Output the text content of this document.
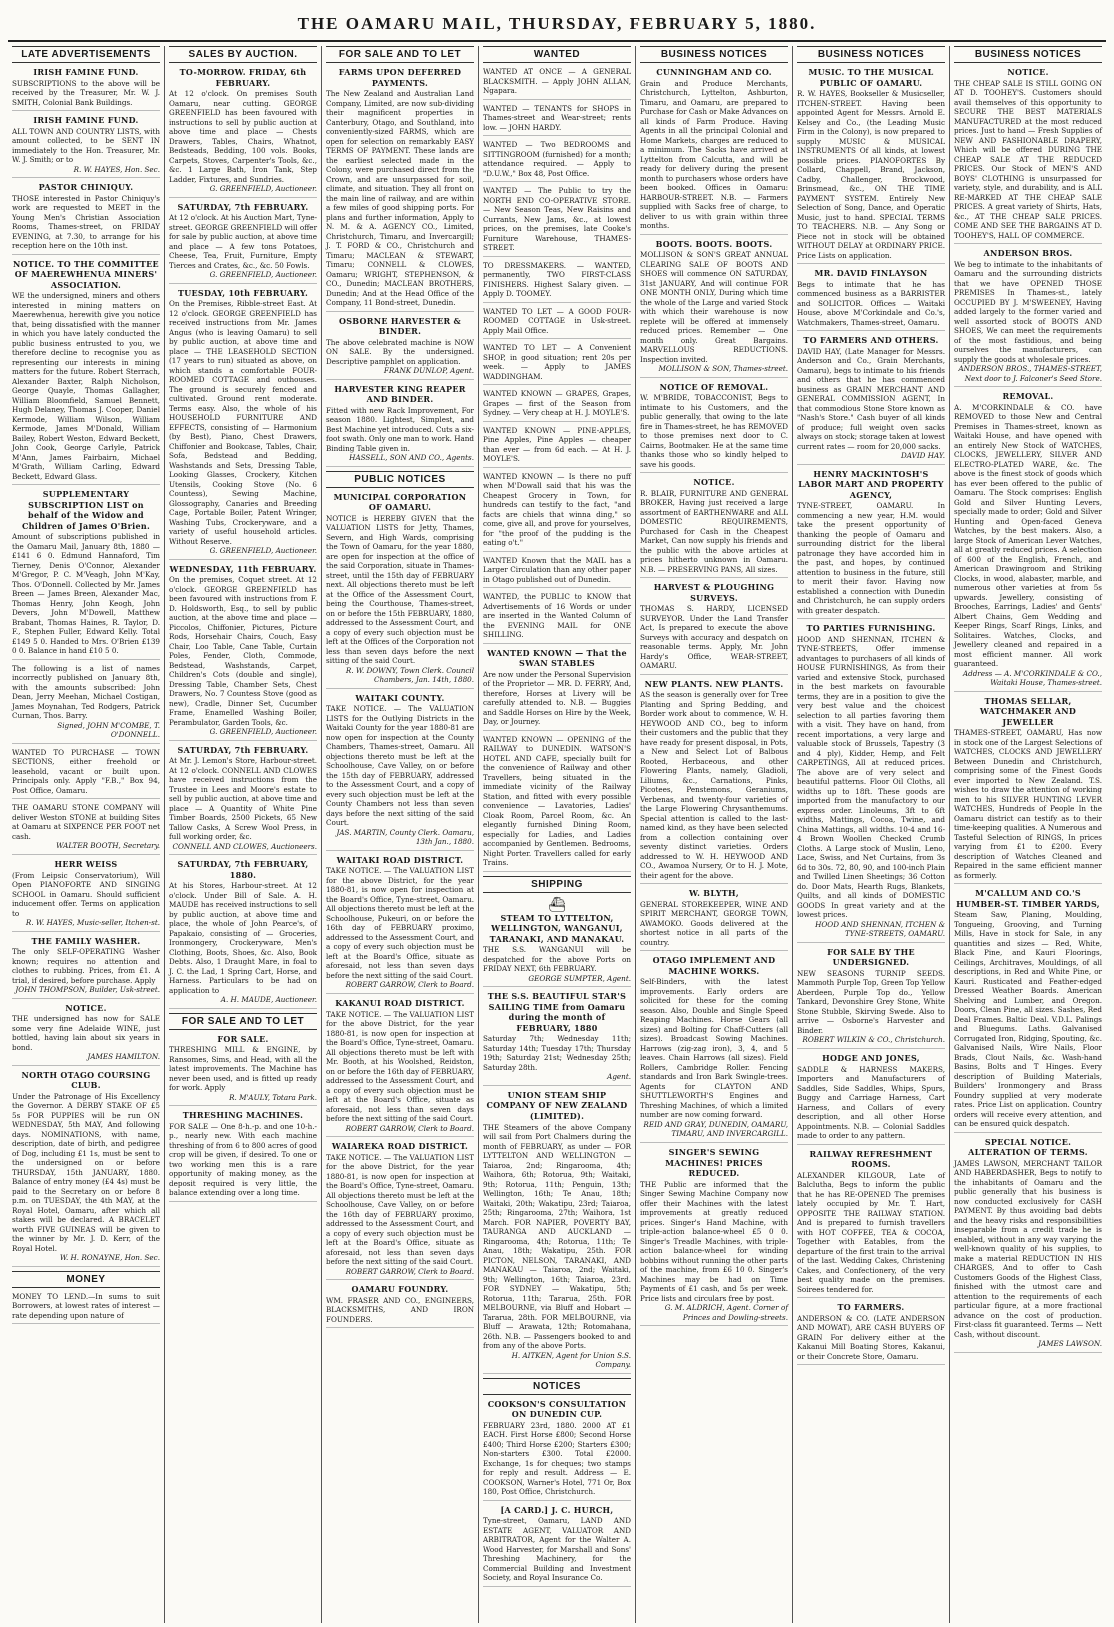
THE OAMARU MAIL, THURSDAY, FEBRUARY 5, 1880.
LATE ADVERTISEMENTS
IRISH FAMINE FUND.
SUBSCRIPTIONS to the above will be received by the Treasurer, Mr. W. J. SMITH, Colonial Bank Buildings.
IRISH FAMINE FUND.
ALL TOWN AND COUNTRY LISTS, with amount collected, to be SENT IN immediately to the Hon. Treasurer, Mr. W. J. Smith; or to
R. W. HAYES, Hon. Sec.
PASTOR CHINIQUY.
THOSE interested in Pastor Chiniquy's work are requested to MEET in the Young Men's Christian Association Rooms, Thames-street, on FRIDAY EVENING, at 7.30, to arrange for his reception here on the 10th inst.
NOTICE. TO THE COMMITTEE OF MAEREWHENUA MINERS' ASSOCIATION.
WE the undersigned, miners and others interested in mining matters on Maerewhenua, herewith give you notice that, being dissatisfied with the manner in which you have lately conducted the public business entrusted to you, we therefore decline to recognise you as representing our interests in mining matters for the future. Robert Sterrach, Alexander Baxter, Ralph Nicholson, George Quayle, Thomas Gallagher, William Bloomfield, Samuel Bennett, Hugh Delaney, Thomas J. Cooper, Daniel Kermode, William Wilson, William Kermode, James M'Donald, William Bailey, Robert Weston, Edward Beckett, John Cook, George Carlyle, Patrick M'Ann, James Fairbairn, Michael M'Grath, William Carling, Edward Beckett, Edward Glass.
SUPPLEMENTARY SUBSCRIPTION LIST on behalf of the Widow and Children of James O'Brien.
Amount of subscriptions published in the Oamaru Mail, January 8th, 1880 — £141 6 0. Edmund Hannaford, Tim Tierney, Denis O'Connor, Alexander M'Gregor, P. C. M'Veagh, John M'Kay, Thos. O'Donnell. Collected by Mr. James Breen — James Breen, Alexander Mac, Thomas Henry, John Keogh, John Devers, John M'Dowell, Matthew Brabant, Thomas Haines, R. Taylor, D. F., Stephen Fuller, Edward Kelly. Total £149 5 0. Handed to Mrs. O'Brien £139 0 0. Balance in hand £10 5 0.
The following is a list of names incorrectly published on January 8th, with the amounts subscribed: John Dean, Jerry Meehan, Michael Costigan, James Moynahan, Ted Rodgers, Patrick Curnan, Thos. Barry.
Signed, JOHN M'COMBE, T. O'DONNELL.
WANTED TO PURCHASE — TOWN SECTIONS, either freehold or leasehold, vacant or built upon. Principals only. Apply "F.B.," Box 94, Post Office, Oamaru.
THE OAMARU STONE COMPANY will deliver Weston STONE at building Sites at Oamaru at SIXPENCE PER FOOT net cash.
WALTER BOOTH, Secretary.
HERR WEISS
(From Leipsic Conservatorium), Will Open PIANOFORTE AND SINGING SCHOOL in Oamaru. Should sufficient inducement offer. Terms on application to
R. W. HAYES, Music-seller, Itchen-st.
THE FAMILY WASHER.
The only SELF-OPERATING Washer known; requires no attention and clothes to rubbing. Prices, from £1. A trial, if desired, before purchase. Apply
JOHN THOMPSON, Builder, Usk-street.
NOTICE.
THE undersigned has now for SALE some very fine Adelaide WINE, just bottled, having lain about six years in bond.
JAMES HAMILTON.
NORTH OTAGO COURSING CLUB.
Under the Patronage of His Excellency the Governor. A DERBY STAKE OF £5 5s FOR PUPPIES will be run ON WEDNESDAY, 5th MAY, And following days. NOMINATIONS, with name, description, date of birth, and pedigree of Dog, including £1 1s, must be sent to the undersigned on or before THURSDAY, 15th JANUARY, 1880. Balance of entry money (£4 4s) must be paid to the Secretary on or before 8 p.m. on TUESDAY, the 4th MAY, at the Royal Hotel, Oamaru, after which all stakes will be declared. A BRACELET worth FIVE GUINEAS will be given to the winner by Mr. J. D. Kerr, of the Royal Hotel.
W. H. RONAYNE, Hon. Sec.
MONEY
MONEY TO LEND.—In sums to suit Borrowers, at lowest rates of interest — rate depending upon nature of
SALES BY AUCTION.
TO-MORROW. FRIDAY, 6th FEBRUARY.
At 12 o'clock. On premises South Oamaru, near cutting. GEORGE GREENFIELD has been favoured with instructions to sell by public auction at above time and place — Chests Drawers, Tables, Chairs, Whatnot, Bedsteads, Bedding, 100 vols. Books, Carpets, Stoves, Carpenter's Tools, &c., &c. 1 Large Bath, Iron Tank, Step Ladder, Fixtures, and Sundries.
G. GREENFIELD, Auctioneer.
SATURDAY, 7th FEBRUARY.
At 12 o'clock. At his Auction Mart, Tyne-street. GEORGE GREENFIELD will offer for sale by public auction, at above time and place — A few tons Potatoes, Cheese, Tea, Fruit, Furniture, Empty Tierces and Crates, &c., &c. 50 Fowls.
G. GREENFIELD, Auctioneer.
TUESDAY, 10th FEBRUARY.
On the Premises, Ribble-street East. At 12 o'clock. GEORGE GREENFIELD has received instructions from Mr. James Angus (who is leaving Oamaru) to sell by public auction, at above time and place — THE LEASEHOLD SECTION (17 years to run) situated as above, on which stands a comfortable FOUR-ROOMED COTTAGE and outhouses. The ground is securely fenced and cultivated. Ground rent moderate. Terms easy. Also, the whole of his HOUSEHOLD FURNITURE AND EFFECTS, consisting of — Harmonium (by Best), Piano, Chest Drawers, Chiffonier and Bookcase, Tables, Chair, Sofa, Bedstead and Bedding, Washstands and Sets, Dressing Table, Looking Glasses, Crockery, Kitchen Utensils, Cooking Stove (No. 6 Countess), Sewing Machine, Glossography, Canaries and Breeding Cage, Portable Boiler, Patent Wringer, Washing Tubs, Crockeryware, and a variety of useful household articles. Without Reserve.
G. GREENFIELD, Auctioneer.
WEDNESDAY, 11th FEBRUARY.
On the premises, Coquet street. At 12 o'clock. GEORGE GREENFIELD has been favoured with instructions from F. D. Holdsworth, Esq., to sell by public auction, at the above time and place — Piccolos, Chiffonier, Pictures, Picture Rods, Horsehair Chairs, Couch, Easy Chair, Loo Table, Cane Table, Curtain Poles, Fender, Cloth, Commode, Bedstead, Washstands, Carpet, Children's Cots (double and single), Dressing Table, Chamber Sets, Chest Drawers, No. 7 Countess Stove (good as new), Cradle, Dinner Set, Cucumber Frame, Enamelled Washing Boiler, Perambulator, Garden Tools, &c.
G. GREENFIELD, Auctioneer.
SATURDAY, 7th FEBRUARY.
At Mr. J. Lemon's Store, Harbour-street. At 12 o'clock. CONNELL AND CLOWES have received instructions from the Trustee in Lees and Moore's estate to sell by public auction, at above time and place — A Quantity of White Pine Timber Boards, 2500 Pickets, 65 New Tallow Casks, A Screw Wool Press, in full working order, &c.
CONNELL AND CLOWES, Auctioneers.
SATURDAY, 7th FEBRUARY, 1880.
At his Stores, Harbour-street. At 12 o'clock. Under Bill of Sale. A. H. MAUDE has received instructions to sell by public auction, at above time and place, the whole of John Pearce's, of Papakaio, consisting of — Groceries, Ironmongery, Crockeryware, Men's Clothing, Boots, Shoes, &c. Also, Book Debts. Also, 1 Draught Mare, in foal to J. C. the Lad, 1 Spring Cart, Horse, and Harness. Particulars to be had on application to
A. H. MAUDE, Auctioneer.
FOR SALE AND TO LET
FOR SALE.
THRESHING MILL & ENGINE, by Ransomes, Sims, and Head, with all the latest improvements. The Machine has never been used, and is fitted up ready for work. Apply
R. M'AULY, Totara Park.
THRESHING MACHINES.
FOR SALE — One 8-h.-p. and one 10-h.-p., nearly new. With each machine threshing of from 6 to 800 acres of good crop will be given, if desired. To one or two working men this is a rare opportunity of making money, as the deposit required is very little, the balance extending over a long time.
FOR SALE AND TO LET
FARMS UPON DEFERRED PAYMENTS.
The New Zealand and Australian Land Company, Limited, are now sub-dividing their magnificent properties in Canterbury, Otago, and Southland, into conveniently-sized FARMS, which are open for selection on remarkably EASY TERMS OF PAYMENT. These lands are the earliest selected made in the Colony, were purchased direct from the Crown, and are unsurpassed for soil, climate, and situation. They all front on the main line of railway, and are within a few miles of good shipping ports. For plans and further information, Apply to N. M. & A. AGENCY CO., Limited, Christchurch, Timaru, and Invercargill; J. T. FORD & CO., Christchurch and Timaru; MACLEAN & STEWART, Timaru; CONNELL & CLOWES, Oamaru; WRIGHT, STEPHENSON, & CO., Dunedin; MACLEAN BROTHERS, Dunedin; And at the Head Office of the Company, 11 Bond-street, Dunedin.
OSBORNE HARVESTER & BINDER.
The above celebrated machine is NOW ON SALE. By the undersigned. Descriptive pamphlet on application.
FRANK DUNLOP, Agent.
HARVESTER KING REAPER AND BINDER.
Fitted with new Rack Improvement, For season 1880. Lightest, Simplest, and Best Machine yet introduced. Cuts a six-foot swath. Only one man to work. Hand Binding Table given in.
HASSELL, SON AND CO., Agents.
PUBLIC NOTICES
MUNICIPAL CORPORATION OF OAMARU.
NOTICE is HEREBY GIVEN that the VALUATION LISTS for Jetty, Thames, Severn, and High Wards, comprising the Town of Oamaru, for the year 1880, are open for inspection at the office of the said Corporation, situate in Thames-street, until the 15th day of FEBRUARY next. All objections thereto must be left at the Office of the Assessment Court, being the Courthouse, Thames-street, on or before the 15th FEBRUARY, 1880, addressed to the Assessment Court, and a copy of every such objection must be left at the Offices of the Corporation not less than seven days before the next sitting of the said Court.
R. W. DOWNY, Town Clerk. Council Chambers, Jan. 14th, 1880.
WAITAKI COUNTY.
TAKE NOTICE. — The VALUATION LISTS for the Outlying Districts in the Waitaki County for the year 1880-81 are now open for inspection at the County Chambers, Thames-street, Oamaru. All objections thereto must be left at the Schoolhouse, Cave Valley, on or before the 15th day of FEBRUARY, addressed to the Assessment Court, and a copy of every such objection must be left at the County Chambers not less than seven days before the next sitting of the said Court.
JAS. MARTIN, County Clerk. Oamaru, 13th Jan., 1880.
WAITAKI ROAD DISTRICT.
TAKE NOTICE. — The VALUATION LIST for the above District, for the year 1880-81, is now open for inspection at the Board's Office, Tyne-street, Oamaru. All objections thereto must be left at the Schoolhouse, Pukeuri, on or before the 16th day of FEBRUARY proximo, addressed to the Assessment Court, and a copy of every such objection must be left at the Board's Office, situate as aforesaid, not less than seven days before the next sitting of the said Court.
ROBERT GARROW, Clerk to Board.
KAKANUI ROAD DISTRICT.
TAKE NOTICE. — The VALUATION LIST for the above District, for the year 1880-81, is now open for inspection at the Board's Office, Tyne-street, Oamaru. All objections thereto must be left with Mr. Booth, at his Woolshed, Reidston, on or before the 16th day of FEBRUARY, addressed to the Assessment Court, and a copy of every such objection must be left at the Board's Office, situate as aforesaid, not less than seven days before the next sitting of the said Court.
ROBERT GARROW, Clerk to Board.
WAIAREKA ROAD DISTRICT.
TAKE NOTICE. — The VALUATION LIST for the above District, for the year 1880-81, is now open for inspection at the Board's Office, Tyne-street, Oamaru. All objections thereto must be left at the Schoolhouse, Cave Valley, on or before the 16th day of FEBRUARY proximo, addressed to the Assessment Court, and a copy of every such objection must be left at the Board's Office, situate as aforesaid, not less than seven days before the next sitting of the said Court.
ROBERT GARROW, Clerk to Board.
OAMARU FOUNDRY.
WM. FRASER AND CO., ENGINEERS, BLACKSMITHS, AND IRON FOUNDERS.
WANTED
WANTED AT ONCE — A GENERAL BLACKSMITH. — Apply JOHN ALLAN, Ngapara.
WANTED — TENANTS for SHOPS in Thames-street and Wear-street; rents low. — JOHN HARDY.
WANTED — Two BEDROOMS and SITTINGROOM (furnished) for a month; attendance required. — Apply to "D.U.W.," Box 48, Post Office.
WANTED — The Public to try the NORTH END CO-OPERATIVE STORE. — New Season Teas, New Raisins and Currants, New Jams, &c., at lowest prices, on the premises, late Cooke's Furniture Warehouse, THAMES-STREET.
TO DRESSMAKERS. — WANTED, permanently, TWO FIRST-CLASS FINISHERS. Highest Salary given. — Apply D. TOOMEY.
WANTED TO LET — A GOOD FOUR-ROOMED COTTAGE in Usk-street. Apply Mail Office.
WANTED TO LET — A Convenient SHOP, in good situation; rent 20s per week. — Apply to JAMES WADDINGHAM.
WANTED KNOWN — GRAPES, Grapes, Grapes — first of the Season from Sydney. — Very cheap at H. J. MOYLE'S.
WANTED KNOWN — PINE-APPLES, Pine Apples, Pine Apples — cheaper than ever — from 6d each. — At H. J. MOYLE'S.
WANTED KNOWN — Is there no puff when M'Dowall said that his was the Cheapest Grocery in Town, for hundreds can testify to the fact, "and facts are chiels that winna ding," so come, give all, and prove for yourselves, for "the proof of the pudding is the eating o't."
WANTED Known that the MAIL has a Larger Circulation than any other paper in Otago published out of Dunedin.
WANTED, the PUBLIC to KNOW that Advertisements of 16 Words or under are inserted in the Wanted Column of the EVENING MAIL for ONE SHILLING.
WANTED KNOWN — That the SWAN STABLES
Are now under the Personal Supervision of the Proprietor — MR. D. FERRY, And, therefore, Horses at Livery will be carefully attended to. N.B. — Buggies and Saddle Horses on Hire by the Week, Day, or Journey.
WANTED KNOWN — OPENING of the RAILWAY to DUNEDIN. WATSON'S HOTEL AND CAFE, specially built for the convenience of Railway and other Travellers, being situated in the immediate vicinity of the Railway Station, and fitted with every possible convenience — Lavatories, Ladies' Cloak Room, Parcel Room, &c. An elegantly furnished Dining Room, especially for Ladies, and Ladies accompanied by Gentlemen. Bedrooms, Night Porter. Travellers called for early Trains.
SHIPPING
⛴
STEAM TO LYTTELTON, WELLINGTON, WANGANUI, TARANAKI, AND MANAKAU.
THE S.S. WANGANUI will be despatched for the above Ports on FRIDAY NEXT, 6th FEBRUARY.
GEORGE SUMPTER, Agent.
THE S.S. BEAUTIFUL STAR'S SAILING TIME from Oamaru during the month of FEBRUARY, 1880
Saturday 7th; Wednesday 11th; Saturday 14th; Tuesday 17th; Thursday 19th; Saturday 21st; Wednesday 25th; Saturday 28th.
Agent.
UNION STEAM SHIP COMPANY OF NEW ZEALAND (LIMITED).
THE Steamers of the above Company will sail from Port Chalmers during the month of FEBRUARY, as under — FOR LYTTELTON AND WELLINGTON — Taiaroa, 2nd; Ringarooma, 4th; Waihora, 6th; Rotorua, 9th; Waitaki, 9th; Rotorua, 11th; Penguin, 13th; Wellington, 16th; Te Anau, 18th; Waitaki, 20th; Wakatipu, 23rd; Taiaroa, 25th; Ringarooma, 27th; Waihora, 1st March. FOR NAPIER, POVERTY BAY, TAURANGA AND AUCKLAND — Ringarooma, 4th; Rotorua, 11th; Te Anau, 18th; Wakatipu, 25th. FOR PICTON, NELSON, TARANAKI, AND MANAKAU — Taiaroa, 2nd; Waitaki, 9th; Wellington, 16th; Taiaroa, 23rd. FOR SYDNEY — Wakatipu, 5th; Rotorua, 11th; Tararua, 25th. FOR MELBOURNE, via Bluff and Hobart — Tararua, 28th. FOR MELBOURNE, via Bluff — Arawata, 12th; Rotomahana, 26th. N.B. — Passengers booked to and from any of the above Ports.
H. AITKEN, Agent for Union S.S. Company.
NOTICES
COOKSON'S CONSULTATION ON DUNEDIN CUP.
FEBRUARY 23rd, 1880. 2000 AT £1 EACH. First Horse £800; Second Horse £400; Third Horse £200; Starters £300; Non-starters £300. Total £2000. Exchange, 1s for cheques; two stamps for reply and result. Address — E. COOKSON, Warner's Hotel, 771 Or, Box 180, Post Office, Christchurch.
[A CARD.] J. C. HURCH,
Tyne-street, Oamaru, LAND AND ESTATE AGENT, VALUATOR AND ARBITRATOR, Agent for the Walter A. Wood Harvester, for Marshall and Sons' Threshing Machinery, for the Commercial Building and Investment Society, and Royal Insurance Co.
BUSINESS NOTICES
CUNNINGHAM AND CO.
Grain and Produce Merchants, Christchurch, Lyttelton, Ashburton, Timaru, and Oamaru, are prepared to Purchase for Cash or Make Advances on all kinds of Farm Produce. Having Agents in all the principal Colonial and Home Markets, charges are reduced to a minimum. The Sacks have arrived at Lyttelton from Calcutta, and will be ready for delivery during the present month to purchasers whose orders have been booked. Offices in Oamaru: HARBOUR-STREET. N.B. — Farmers supplied with Sacks free of charge, to deliver to us with grain within three months.
BOOTS. BOOTS. BOOTS.
MOLLISON & SON'S GREAT ANNUAL CLEARING SALE OF BOOTS AND SHOES will commence ON SATURDAY, 31st JANUARY, And will continue FOR ONE MONTH ONLY, During which time the whole of the Large and varied Stock with which their warehouse is now replete will be offered at immensely reduced prices. Remember — One month only. Great Bargains. MARVELLOUS REDUCTIONS. Inspection invited.
MOLLISON & SON, Thames-street.
NOTICE OF REMOVAL.
W. M'BRIDE, TOBACCONIST, Begs to intimate to his Customers, and the public generally, that owing to the late fire in Thames-street, he has REMOVED to those premises next door to C. Cairns, Bootmaker. He at the same time thanks those who so kindly helped to save his goods.
NOTICE.
R. BLAIR, FURNITURE AND GENERAL BROKER, Having just received a large assortment of EARTHENWARE and ALL DOMESTIC REQUIREMENTS, Purchased for Cash in the Cheapest Market, Can now supply his friends and the public with the above articles at prices hitherto unknown in Oamaru. N.B. — PRESERVING PANS, All sizes.
HARVEST & PLOUGHING SURVEYS.
THOMAS S. HARDY, LICENSED SURVEYOR. Under the Land Transfer Act, Is prepared to execute the above Surveys with accuracy and despatch on reasonable terms. Apply, Mr. John Hardy's Office, WEAR-STREET, OAMARU.
NEW PLANTS. NEW PLANTS.
AS the season is generally over for Tree Planting and Spring Bedding, and Border work about to commence, W. H. HEYWOOD AND CO., beg to inform their customers and the public that they have ready for present disposal, in Pots, a New and Select Lot of Balbous Rooted, Herbaceous, and other Flowering Plants, namely, Gladioli, Liliums, &c., Carnations, Pinks, Picotees, Penstemons, Geraniums, Verbenas, and twenty-four varieties of the Large Flowering Chrysanthemums. Special attention is called to the last-named kind, as they have been selected from a collection containing over seventy distinct varieties. Orders addressed to W. H. HEYWOOD AND CO., Awamoa Nursery, Or to H. J. Mote, their agent for the above.
W. BLYTH,
GENERAL STOREKEEPER, WINE AND SPIRIT MERCHANT, GEORGE TOWN, AWAMOKO. Goods delivered at the shortest notice in all parts of the country.
OTAGO IMPLEMENT AND MACHINE WORKS.
Self-Binders, with the latest improvements. Early orders are solicited for these for the coming season. Also, Double and Single Speed Reaping Machines. Horse Gears (all sizes) and Bolting for Chaff-Cutters (all sizes). Broadcast Sowing Machines. Harrows (zig-zag iron), 3, 4, and 5 leaves. Chain Harrows (all sizes). Field Rollers, Cambridge Roller. Fencing standards and Iron Bark Swingle-trees. Agents for CLAYTON AND SHUTTLEWORTH'S Engines and Threshing Machines, of which a limited number are now coming forward.
REID AND GRAY, DUNEDIN, OAMARU, TIMARU, AND INVERCARGILL.
SINGER'S SEWING MACHINES! PRICES REDUCED.
THE Public are informed that the Singer Sewing Machine Company now offer their Machines with the latest improvements at greatly reduced prices. Singer's Hand Machine, with triple-action balance-wheel £5 0 0. Singer's Treadle Machines, with triple-action balance-wheel for winding bobbins without running the other parts of the machine, from £6 10 0. Singer's Machines may be had on Time Payments of £1 cash, and 5s per week. Price lists and circulars free by post.
G. M. ALDRICH, Agent. Corner of Princes and Dowling-streets.
BUSINESS NOTICES
MUSIC. TO THE MUSICAL PUBLIC OF OAMARU.
R. W. HAYES, Bookseller & Musicseller, ITCHEN-STREET. Having been appointed Agent for Messrs. Arnold E. Kelsey and Co., (the Leading Music Firm in the Colony), is now prepared to supply MUSIC & MUSICAL INSTRUMENTS Of all kinds, at lowest possible prices. PIANOFORTES By Collard, Chappell, Brand, Jackson, Cadby, Challenger, Brockwood, Brinsmead, &c., ON THE TIME PAYMENT SYSTEM. Entirely New Selection of Song, Dance, and Operatic Music, just to hand. SPECIAL TERMS TO TEACHERS. N.B. — Any Song or Piece not in stock will be obtained WITHOUT DELAY at ORDINARY PRICE. Price Lists on application.
MR. DAVID FINLAYSON
Begs to intimate that he has commenced business as a BARRISTER and SOLICITOR. Offices — Waitaki House, above M'Corkindale and Co.'s, Watchmakers, Thames-street, Oamaru.
TO FARMERS AND OTHERS.
DAVID HAY, (Late Manager for Messrs. Anderson and Co., Grain Merchants, Oamaru), begs to intimate to his friends and others that he has commenced business as GRAIN MERCHANT AND GENERAL COMMISSION AGENT, In that commodious Stone Store known as "Nash's Store." Cash buyer of all kinds of produce; full weight oven sacks always on stock; storage taken at lowest current rates — room for 20,000 sacks.
DAVID HAY.
HENRY MACKINTOSH'S LABOR MART AND PROPERTY AGENCY,
TYNE-STREET, OAMARU. In commencing a new year, H.M. would take the present opportunity of thanking the people of Oamaru and surrounding district for the liberal patronage they have accorded him in the past, and hopes, by continued attention to business in the future, still to merit their favor. Having now established a connection with Dunedin and Christchurch, he can supply orders with greater despatch.
TO PARTIES FURNISHING.
HOOD AND SHENNAN, ITCHEN & TYNE-STREETS, Offer immense advantages to purchasers of all kinds of HOUSE FURNISHINGS, As from their varied and extensive Stock, purchased in the best markets on favourable terms, they are in a position to give the very best value and the choicest selection to all parties favoring them with a visit. They have on hand, from recent importations, a very large and valuable stock of Brussels, Tapestry (3 and 4 ply), Kidder, Hemp, and Felt CARPETINGS, All at reduced prices. The above are of very select and beautiful patterns. Floor Oil Cloths, all widths up to 18ft. These goods are imported from the manufactory to our express order. Linoleums, 3ft to 6ft widths, Mattings, Cocoa, Twine, and China Mattings, all widths. 10-4 and 16-4 Brown Woollen Checked Crumb Cloths. A Large stock of Muslin, Leno, Lace, Swiss, and Net Curtains, from 3s 6d to 30s. 72, 80, 90, and 100-inch Plain and Twilled Linen Sheetings; 36 Cotton do. Door Mats, Hearth Rugs, Blankets, Quilts, and all kinds of DOMESTIC GOODS In great variety and at the lowest prices.
HOOD AND SHENNAN, ITCHEN & TYNE-STREETS, OAMARU.
FOR SALE BY THE UNDERSIGNED.
NEW SEASONS TURNIP SEEDS. Mammoth Purple Top, Green Top Yellow Aberdeen, Purple Top do., Yellow Tankard, Devonshire Grey Stone, White Stone Stubble, Skirving Swede. Also to arrive — Osborne's Harvester and Binder.
ROBERT WILKIN & CO., Christchurch.
HODGE AND JONES,
SADDLE & HARNESS MAKERS, Importers and Manufacturers of Saddles, Side Saddles, Whips, Spurs, Buggy and Carriage Harness, Cart Harness, and Collars of every description, and all other Horse Appointments. N.B. — Colonial Saddles made to order to any pattern.
RAILWAY REFRESHMENT ROOMS.
ALEXANDER KILGOUR, Late of Balclutha, Begs to inform the public that he has RE-OPENED The premises lately occupied by Mr. T. Hart, OPPOSITE THE RAILWAY STATION. And is prepared to furnish travellers with HOT COFFEE, TEA & COCOA, Together with Eatables, from the departure of the first train to the arrival of the last. Wedding Cakes, Christening Cakes, and Confectionery, of the very best quality made on the premises. Soirees tendered for.
TO FARMERS.
ANDERSON & CO. (LATE ANDERSON AND MOWAT), ARE CASH BUYERS OF GRAIN For delivery either at the Kakanui Mill Boating Stores, Kakanui, or their Concrete Store, Oamaru.
BUSINESS NOTICES
NOTICE.
THE CHEAP SALE IS STILL GOING ON AT D. TOOHEY'S. Customers should avail themselves of this opportunity to SECURE THE BEST MATERIALS MANUFACTURED at the most reduced prices. Just to hand — Fresh Supplies of NEW AND FASHIONABLE DRAPERY, Which will be offered DURING THE CHEAP SALE AT THE REDUCED PRICES. Our Stock of MEN'S AND BOYS' CLOTHING is unsurpassed for variety, style, and durability, and is ALL RE-MARKED AT THE CHEAP SALE PRICES. A great variety of Shirts, Hats, &c., AT THE CHEAP SALE PRICES. COME AND SEE THE BARGAINS AT D. TOOHEY'S, HALL OF COMMERCE.
ANDERSON BROS.
We beg to intimate to the inhabitants of Oamaru and the surrounding districts that we have OPENED THOSE PREMISES In Thames-st., lately OCCUPIED BY J. M'SWEENEY, Having added largely to the former varied and well assorted stock of BOOTS AND SHOES, We can meet the requirements of the most fastidious, and being ourselves the manufacturers, can supply the goods at wholesale prices.
ANDERSON BROS., THAMES-STREET, Next door to J. Falconer's Seed Store.
REMOVAL.
A. M'CORKINDALE & CO. have REMOVED to those New and Central Premises in Thames-street, known as Waitaki House, and have opened with an entirely New Stock of WATCHES, CLOCKS, JEWELLERY, SILVER AND ELECTRO-PLATED WARE, &c. The above is the finest stock of goods which has ever been offered to the public of Oamaru. The Stock comprises: English Gold and Silver Hunting Levers, specially made to order; Gold and Silver Hunting and Open-faced Geneva Watches, by the best makers. Also, a large Stock of American Lever Watches, all at greatly reduced prices. A selection of 600 of the English, French, and American Drawingroom and Striking Clocks, in wood, alabaster, marble, and numerous other varieties at from 5s upwards. Jewellery, consisting of Brooches, Earrings, Ladies' and Gents' Albert Chains, Gem Wedding and Keeper Rings, Scarf Rings, Links, and Solitaires. Watches, Clocks, and Jewellery cleaned and repaired in a most efficient manner. All work guaranteed.
Address — A. M'CORKINDALE & CO., Waitaki House, Thames-street.
THOMAS SELLAR, WATCHMAKER AND JEWELLER
THAMES-STREET, OAMARU, Has now in stock one of the Largest Selections of WATCHES, CLOCKS AND JEWELLERY Between Dunedin and Christchurch, comprising some of the Finest Goods ever imported to New Zealand. T.S. wishes to draw the attention of working men to his SILVER HUNTING LEVER WATCHES, Hundreds of People In the Oamaru district can testify as to their time-keeping qualities. A Numerous and Tasteful Selection of RINGS, In prices varying from £1 to £200. Every description of Watches Cleaned and Repaired in the same efficient manner as formerly.
M'CALLUM AND CO.'S HUMBER-ST. TIMBER YARDS,
Steam Saw, Planing, Moulding, Tongueing, Grooving, and Turning Mills, Have in stock for Sale, in any quantities and sizes — Red, White, Black Pine, and Kauri Floorings, Ceilings, Architraves, Mouldings, of all descriptions, in Red and White Pine, or Kauri. Rusticated and Feather-edged Dressed Weather Boards. American Shelving and Lumber, and Oregon. Doors, Clean Pine, all sizes. Sashes, Red Deal Frames. Baltic Deal. V.D.L. Palings and Bluegums. Laths. Galvanised Corrugated Iron, Ridging, Spouting, &c. Galvanised Nails, Wire Nails, Floor Brads, Clout Nails, &c. Wash-hand Basins, Bolts and T Hinges. Every description of Building Materials, Builders' Ironmongery and Brass Foundry supplied at very moderate rates. Price List on application. Country orders will receive every attention, and can be ensured quick despatch.
SPECIAL NOTICE. ALTERATION OF TERMS.
JAMES LAWSON, MERCHANT TAILOR AND HABERDASHER, Begs to notify to the inhabitants of Oamaru and the public generally that his business is now conducted exclusively for CASH PAYMENT. By thus avoiding bad debts and the heavy risks and responsibilities inseparable from a credit trade he is enabled, without in any way varying the well-known quality of his supplies, to make a material REDUCTION IN HIS CHARGES, And to offer to Cash Customers Goods of the Highest Class, finished with the utmost care and attention to the requirements of each particular figure, at a more fractional advance on the cost of production. First-class fit guaranteed. Terms — Nett Cash, without discount.
JAMES LAWSON.
